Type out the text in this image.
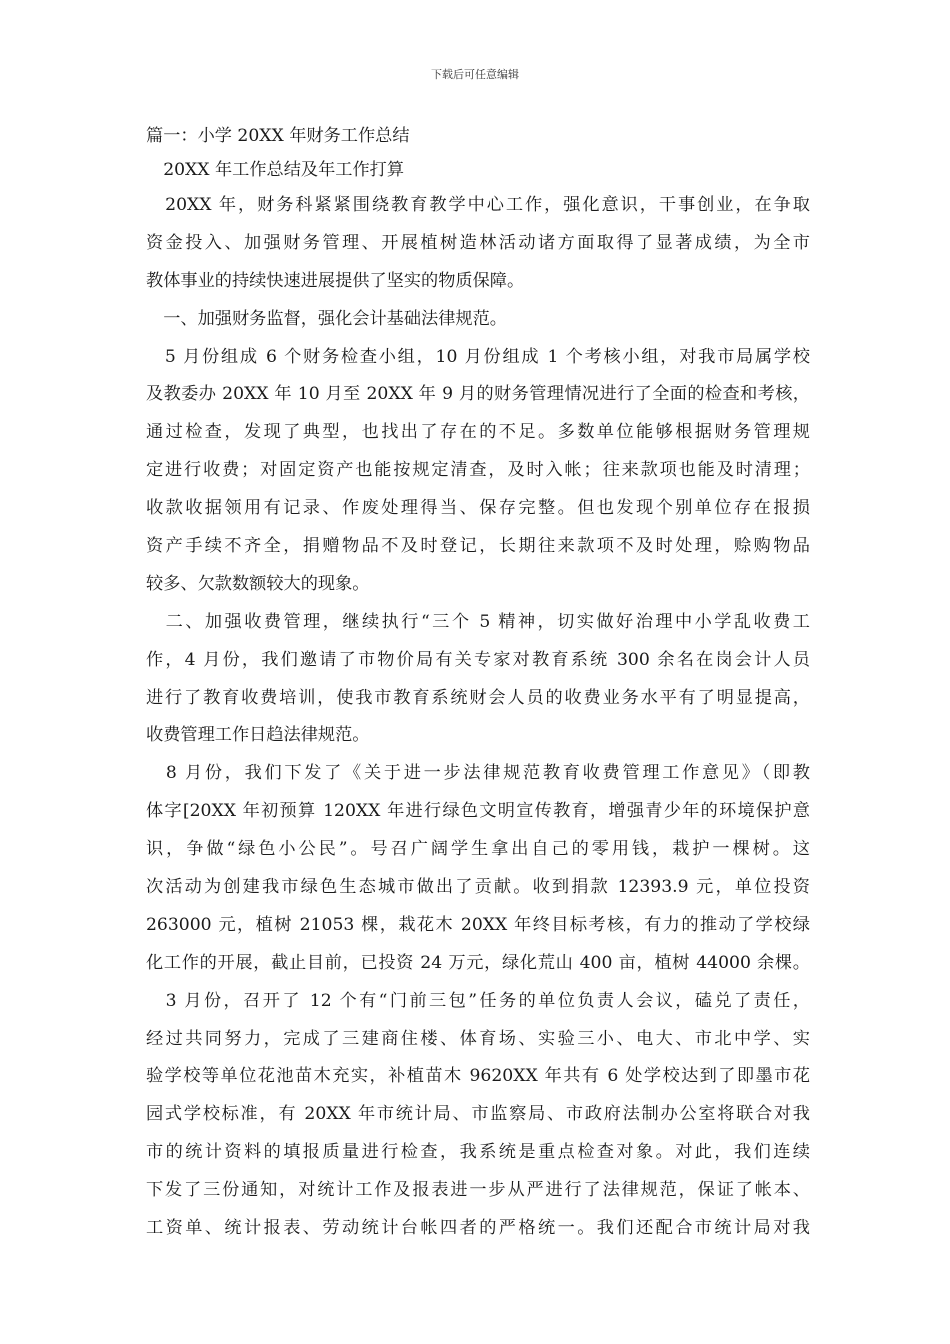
下载后可任意编辑
篇一：小学 20XX 年财务工作总结
　20XX 年工作总结及年工作打算
　20XX 年，财务科紧紧围绕教育教学中心工作，强化意识，干事创业，在争取
资金投入、加强财务管理、开展植树造林活动诸方面取得了显著成绩，为全市
教体事业的持续快速进展提供了坚实的物质保障。
　一、加强财务监督，强化会计基础法律规范。
　5 月份组成 6 个财务检查小组，10 月份组成 1 个考核小组，对我市局属学校
及教委办 20XX 年 10 月至 20XX 年 9 月的财务管理情况进行了全面的检查和考核，
通过检查，发现了典型，也找出了存在的不足。多数单位能够根据财务管理规
定进行收费；对固定资产也能按规定清查，及时入帐；往来款项也能及时清理；
收款收据领用有记录、作废处理得当、保存完整。但也发现个别单位存在报损
资产手续不齐全，捐赠物品不及时登记，长期往来款项不及时处理，赊购物品
较多、欠款数额较大的现象。
　二、加强收费管理，继续执行“三个 5 精神，切实做好治理中小学乱收费工
作，4 月份，我们邀请了市物价局有关专家对教育系统 300 余名在岗会计人员
进行了教育收费培训，使我市教育系统财会人员的收费业务水平有了明显提高，
收费管理工作日趋法律规范。
　8 月份，我们下发了《关于进一步法律规范教育收费管理工作意见》（即教
体字[20XX 年初预算 120XX 年进行绿色文明宣传教育，增强青少年的环境保护意
识，争做“绿色小公民”。号召广阔学生拿出自己的零用钱，栽护一棵树。这
次活动为创建我市绿色生态城市做出了贡献。收到捐款 12393.9 元，单位投资
263000 元，植树 21053 棵，栽花木 20XX 年终目标考核，有力的推动了学校绿
化工作的开展，截止目前，已投资 24 万元，绿化荒山 400 亩，植树 44000 余棵。
　3 月份，召开了 12 个有“门前三包”任务的单位负责人会议，磕兑了责任，
经过共同努力，完成了三建商住楼、体育场、实验三小、电大、市北中学、实
验学校等单位花池苗木充实，补植苗木 9620XX 年共有 6 处学校达到了即墨市花
园式学校标准，有 20XX 年市统计局、市监察局、市政府法制办公室将联合对我
市的统计资料的填报质量进行检查，我系统是重点检查对象。对此，我们连续
下发了三份通知，对统计工作及报表进一步从严进行了法律规范，保证了帐本、
工资单、统计报表、劳动统计台帐四者的严格统一。我们还配合市统计局对我
